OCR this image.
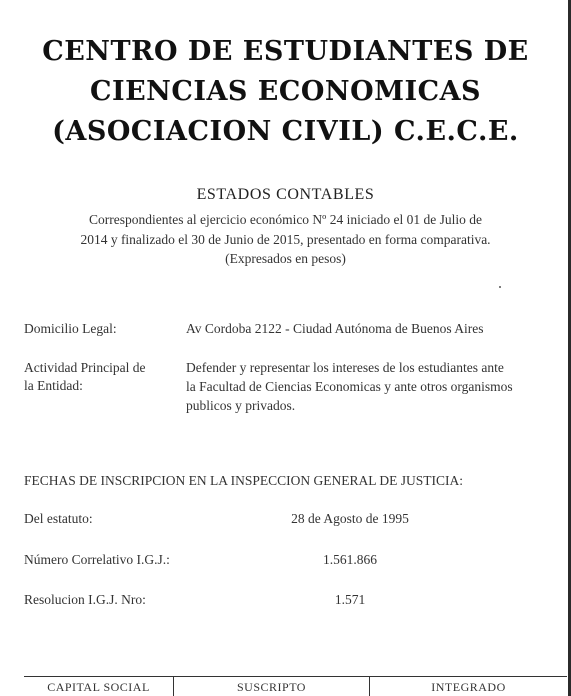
CENTRO DE ESTUDIANTES DE
CIENCIAS ECONOMICAS
(ASOCIACION CIVIL) C.E.C.E.
ESTADOS CONTABLES
Correspondientes al ejercicio económico Nº 24 iniciado el 01 de Julio de
2014 y finalizado el 30 de Junio de 2015, presentado en forma comparativa.
(Expresados en pesos)
Domicilio Legal:	Av Cordoba 2122 - Ciudad Autónoma de Buenos Aires
Actividad Principal de
la Entidad:
Defender y representar los intereses de los estudiantes ante
la Facultad de Ciencias Economicas y ante otros organismos
publicos y privados.
FECHAS DE INSCRIPCION EN LA INSPECCION GENERAL DE JUSTICIA:
Del estatuto:	28 de Agosto de 1995
Número Correlativo I.G.J.:	1.561.866
Resolucion I.G.J. Nro:	1.571
CAPITAL SOCIAL	SUSCRIPTO	INTEGRADO
